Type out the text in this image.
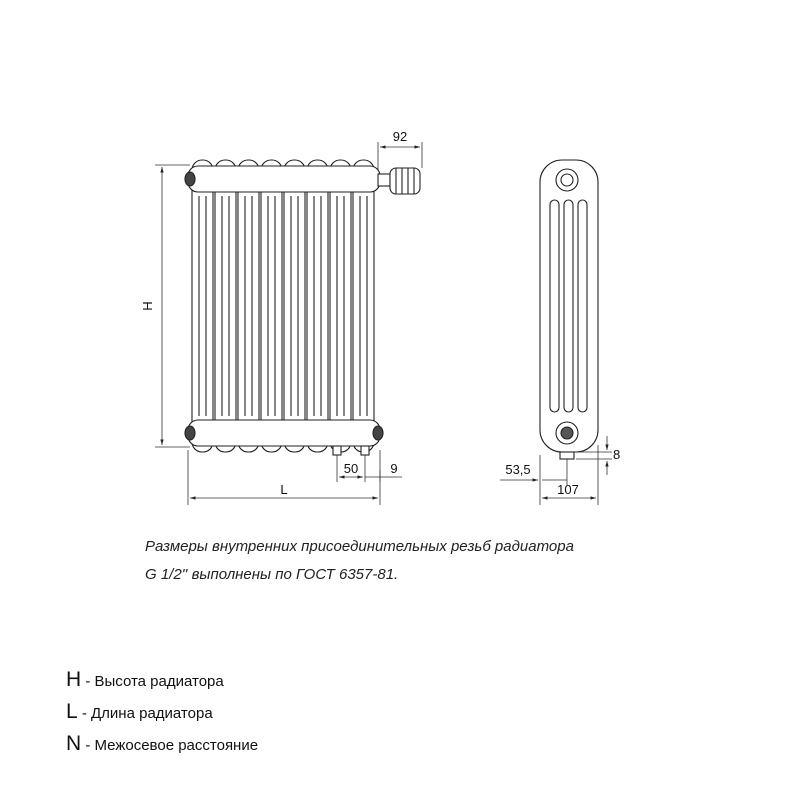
H
L
92
50 9
8
53,5
107
Размеры внутренних присоединительных резьб радиатора
G 1/2'' выполнены по ГОСТ 6357-81.
H - Высота радиатора
L - Длина радиатора
N - Межосевое расстояние
